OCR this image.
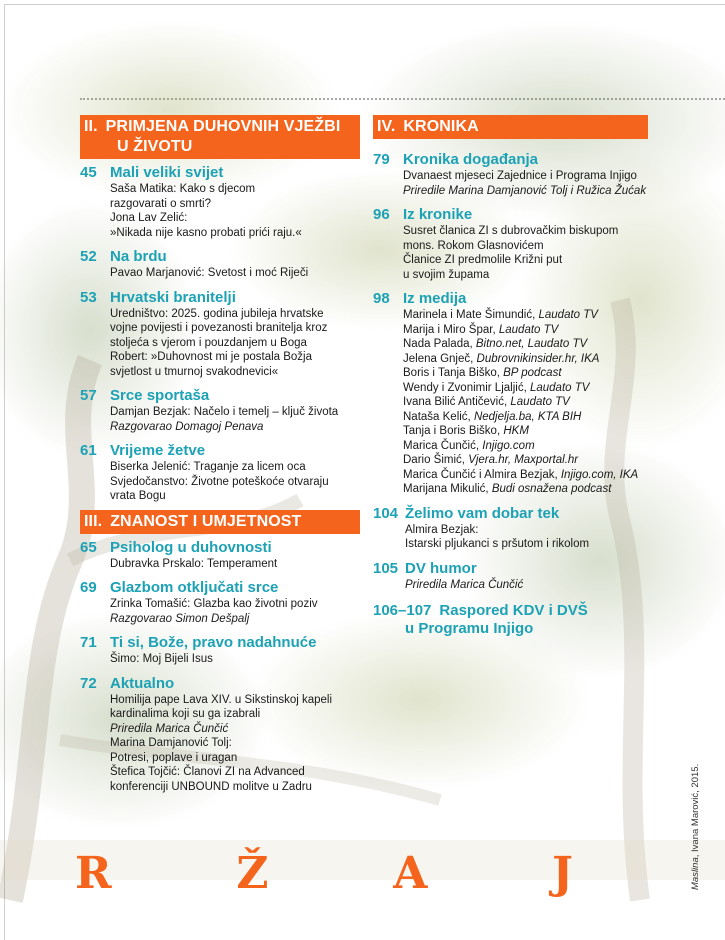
II. PRIMJENA DUHOVNIH VJEŽBI
U ŽIVOTU
45 Mali veliki svijet
Saša Matika: Kako s djecom
razgovarati o smrti?
Jona Lav Zelić:
»Nikada nije kasno probati prići raju.«
52 Na brdu
Pavao Marjanović: Svetost i moć Riječi
53 Hrvatski branitelji
Uredništvo: 2025. godina jubileja hrvatske
vojne povijesti i povezanosti branitelja kroz
stoljeća s vjerom i pouzdanjem u Boga
Robert: »Duhovnost mi je postala Božja
svjetlost u tmurnoj svakodnevici«
57 Srce sportaša
Damjan Bezjak: Načelo i temelj – ključ života
Razgovarao Domagoj Penava
61 Vrijeme žetve
Biserka Jelenić: Traganje za licem oca
Svjedočanstvo: Životne poteškoće otvaraju
vrata Bogu
III. ZNANOST I UMJETNOST
65 Psiholog u duhovnosti
Dubravka Prskalo: Temperament
69 Glazbom otključati srce
Zrinka Tomašić: Glazba kao životni poziv
Razgovarao Simon Dešpalj
71 Ti si, Bože, pravo nadahnuće
Šimo: Moj Bijeli Isus
72 Aktualno
Homilija pape Lava XIV. u Sikstinskoj kapeli
kardinalima koji su ga izabrali
Priredila Marica Čunčić
Marina Damjanović Tolj:
Potresi, poplave i uragan
Štefica Tojčić: Članovi ZI na Advanced
konferenciji UNBOUND molitve u Zadru
IV. KRONIKA
79 Kronika događanja
Dvanaest mjeseci Zajednice i Programa Injigo
Priredile Marina Damjanović Tolj i Ružica Žućak
96 Iz kronike
Susret članica ZI s dubrovačkim biskupom
mons. Rokom Glasnovićem
Članice ZI predmolile Križni put
u svojim župama
98 Iz medija
Marinela i Mate Šimundić, Laudato TV
Marija i Miro Špar, Laudato TV
Nada Palada, Bitno.net, Laudato TV
Jelena Gnječ, Dubrovnikinsider.hr, IKA
Boris i Tanja Biško, BP podcast
Wendy i Zvonimir Ljaljić, Laudato TV
Ivana Bilić Antičević, Laudato TV
Nataša Kelić, Nedjelja.ba, KTA BIH
Tanja i Boris Biško, HKM
Marica Čunčić, Injigo.com
Dario Šimić, Vjera.hr, Maxportal.hr
Marica Čunčić i Almira Bezjak, Injigo.com, IKA
Marijana Mikulić, Budi osnažena podcast
104 Želimo vam dobar tek
Almira Bezjak:
Istarski pljukanci s pršutom i rikolom
105 DV humor
Priredila Marica Čunčić
106–107 Raspored KDV i DVŠ
u Programu Injigo
R	Ž	A	J	Maslina, Ivana Marović, 2015.
